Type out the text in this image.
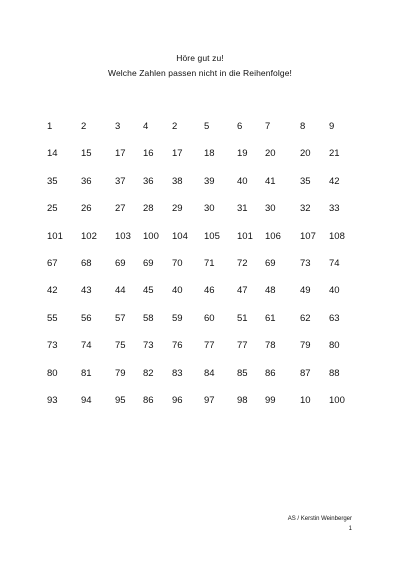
Höre gut zu!
Welche Zahlen passen nicht in die Reihenfolge!
1	2	3 4 2	5	6 7	8 9
14 15 17 16 17 18 19 20	20 21
35 36 37 36 38 39 40 41	35 42
25 26 27 28 29 30 31 30	32 33
101 102 103 100 104 105 101 106 107 108
67 68 69 69 70 71 72 69	73 74
42 43 44 45 40 46 47 48	49 40
55 56 57 58 59 60 51 61	62 63
73 74 75 73 76 77 77 78	79 80
80 81 79 82 83 84 85 86	87 88
93 94 95 86 96 97 98 99	10 100
AS / Kerstin Weinberger
1
